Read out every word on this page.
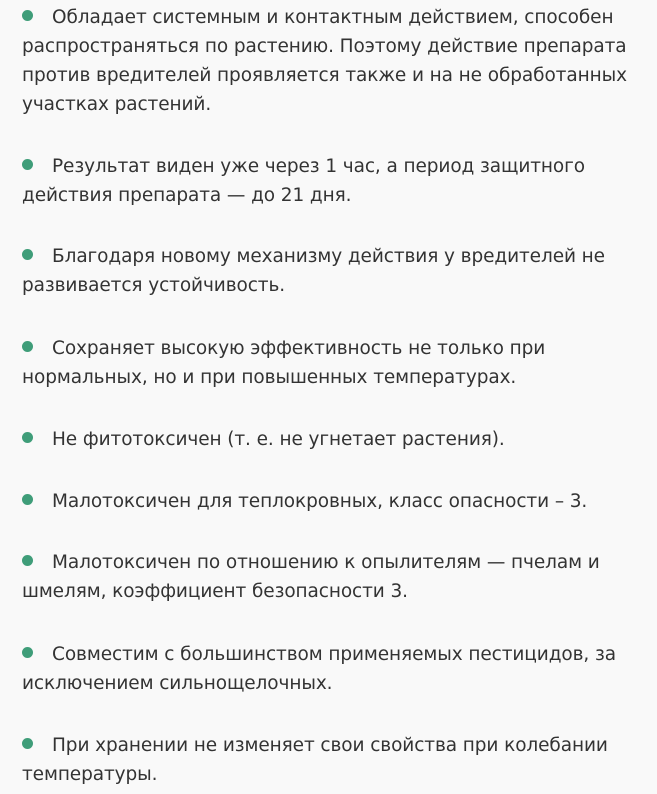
Обладает системным и контактным действием, способен распространяться по растению. Поэтому действие препарата против вредителей проявляется также и на не обработанных участках растений.
Результат виден уже через 1 час, а период защитного действия препарата — до 21 дня.
Благодаря новому механизму действия у вредителей не развивается устойчивость.
Сохраняет высокую эффективность не только при нормальных, но и при повышенных температурах.
Не фитотоксичен (т. е. не угнетает растения).
Малотоксичен для теплокровных, класс опасности – 3.
Малотоксичен по отношению к опылителям — пчелам и шмелям, коэффициент безопасности 3.
Совместим с большинством применяемых пестицидов, за исключением сильнощелочных.
При хранении не изменяет свои свойства при колебании температуры.
